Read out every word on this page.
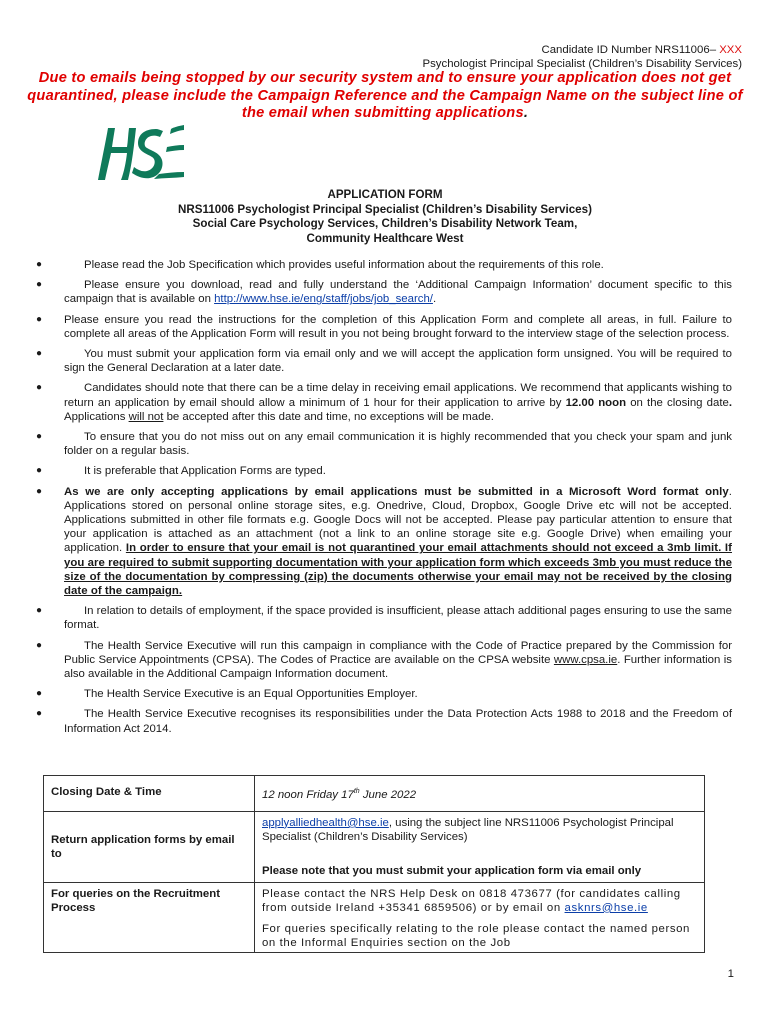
Candidate ID Number NRS11006– XXX
Psychologist Principal Specialist (Children’s Disability Services)
Due to emails being stopped by our security system and to ensure your application does not get quarantined, please include the Campaign Reference and the Campaign Name on the subject line of the email when submitting applications.
APPLICATION FORM
NRS11006 Psychologist Principal Specialist (Children’s Disability Services)
Social Care Psychology Services, Children’s Disability Network Team,
Community Healthcare West
●	Please read the Job Specification which provides useful information about the requirements of this role.
●	Please ensure you download, read and fully understand the ‘Additional Campaign Information’ document specific to this campaign that is available on http://www.hse.ie/eng/staff/jobs/job_search/.
● Please ensure you read the instructions for the completion of this Application Form and complete all areas, in full. Failure to complete all areas of the Application Form will result in you not being brought forward to the interview stage of the selection process.
●	You must submit your application form via email only and we will accept the application form unsigned. You will be required to sign the General Declaration at a later date.
●	Candidates should note that there can be a time delay in receiving email applications. We recommend that applicants wishing to return an application by email should allow a minimum of 1 hour for their application to arrive by 12.00 noon on the closing date. Applications will not be accepted after this date and time, no exceptions will be made.
●	To ensure that you do not miss out on any email communication it is highly recommended that you check your spam and junk folder on a regular basis.
●	It is preferable that Application Forms are typed.
● As we are only accepting applications by email applications must be submitted in a Microsoft Word format only. Applications stored on personal online storage sites, e.g. Onedrive, Cloud, Dropbox, Google Drive etc will not be accepted. Applications submitted in other file formats e.g. Google Docs will not be accepted. Please pay particular attention to ensure that your application is attached as an attachment (not a link to an online storage site e.g. Google Drive) when emailing your application. In order to ensure that your email is not quarantined your email attachments should not exceed a 3mb limit. If you are required to submit supporting documentation with your application form which exceeds 3mb you must reduce the size of the documentation by compressing (zip) the documents otherwise your email may not be received by the closing date of the campaign.
●	In relation to details of employment, if the space provided is insufficient, please attach additional pages ensuring to use the same format.
●	The Health Service Executive will run this campaign in compliance with the Code of Practice prepared by the Commission for Public Service Appointments (CPSA). The Codes of Practice are available on the CPSA website www.cpsa.ie. Further information is also available in the Additional Campaign Information document.
●	The Health Service Executive is an Equal Opportunities Employer.
●	The Health Service Executive recognises its responsibilities under the Data Protection Acts 1988 to 2018 and the Freedom of Information Act 2014.
Closing Date & Time	12 noon Friday 17th June 2022
Return application forms by email to	applyalliedhealth@hse.ie, using the subject line NRS11006 Psychologist Principal Specialist (Children’s Disability Services)
Please note that you must submit your application form via email only

For queries on the Recruitment Process	Please contact the NRS Help Desk on 0818 473677 (for candidates calling from outside Ireland +35341 6859506) or by email on asknrs@hse.ie
For queries specifically relating to the role please contact the named person on the Informal Enquiries section on the Job
1
